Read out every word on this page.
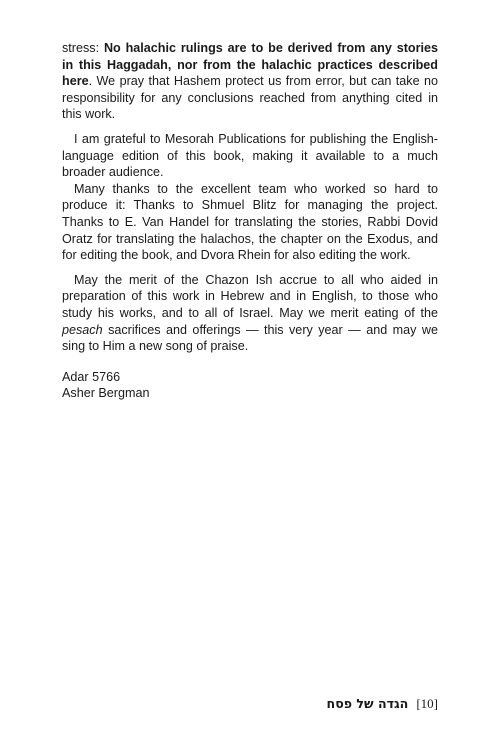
stress: No halachic rulings are to be derived from any stories in this Haggadah, nor from the halachic practices described here. We pray that Hashem protect us from error, but can take no responsibility for any conclusions reached from anything cited in this work.

I am grateful to Mesorah Publications for publishing the English-language edition of this book, making it available to a much broader audience.

Many thanks to the excellent team who worked so hard to produce it: Thanks to Shmuel Blitz for managing the project. Thanks to E. Van Handel for translating the stories, Rabbi Dovid Oratz for translating the halachos, the chapter on the Exodus, and for editing the book, and Dvora Rhein for also editing the work.

May the merit of the Chazon Ish accrue to all who aided in preparation of this work in Hebrew and in English, to those who study his works, and to all of Israel. May we merit eating of the pesach sacrifices and offerings — this very year — and may we sing to Him a new song of praise.

Adar 5766
Asher Bergman
הגדה של פסח [10]
